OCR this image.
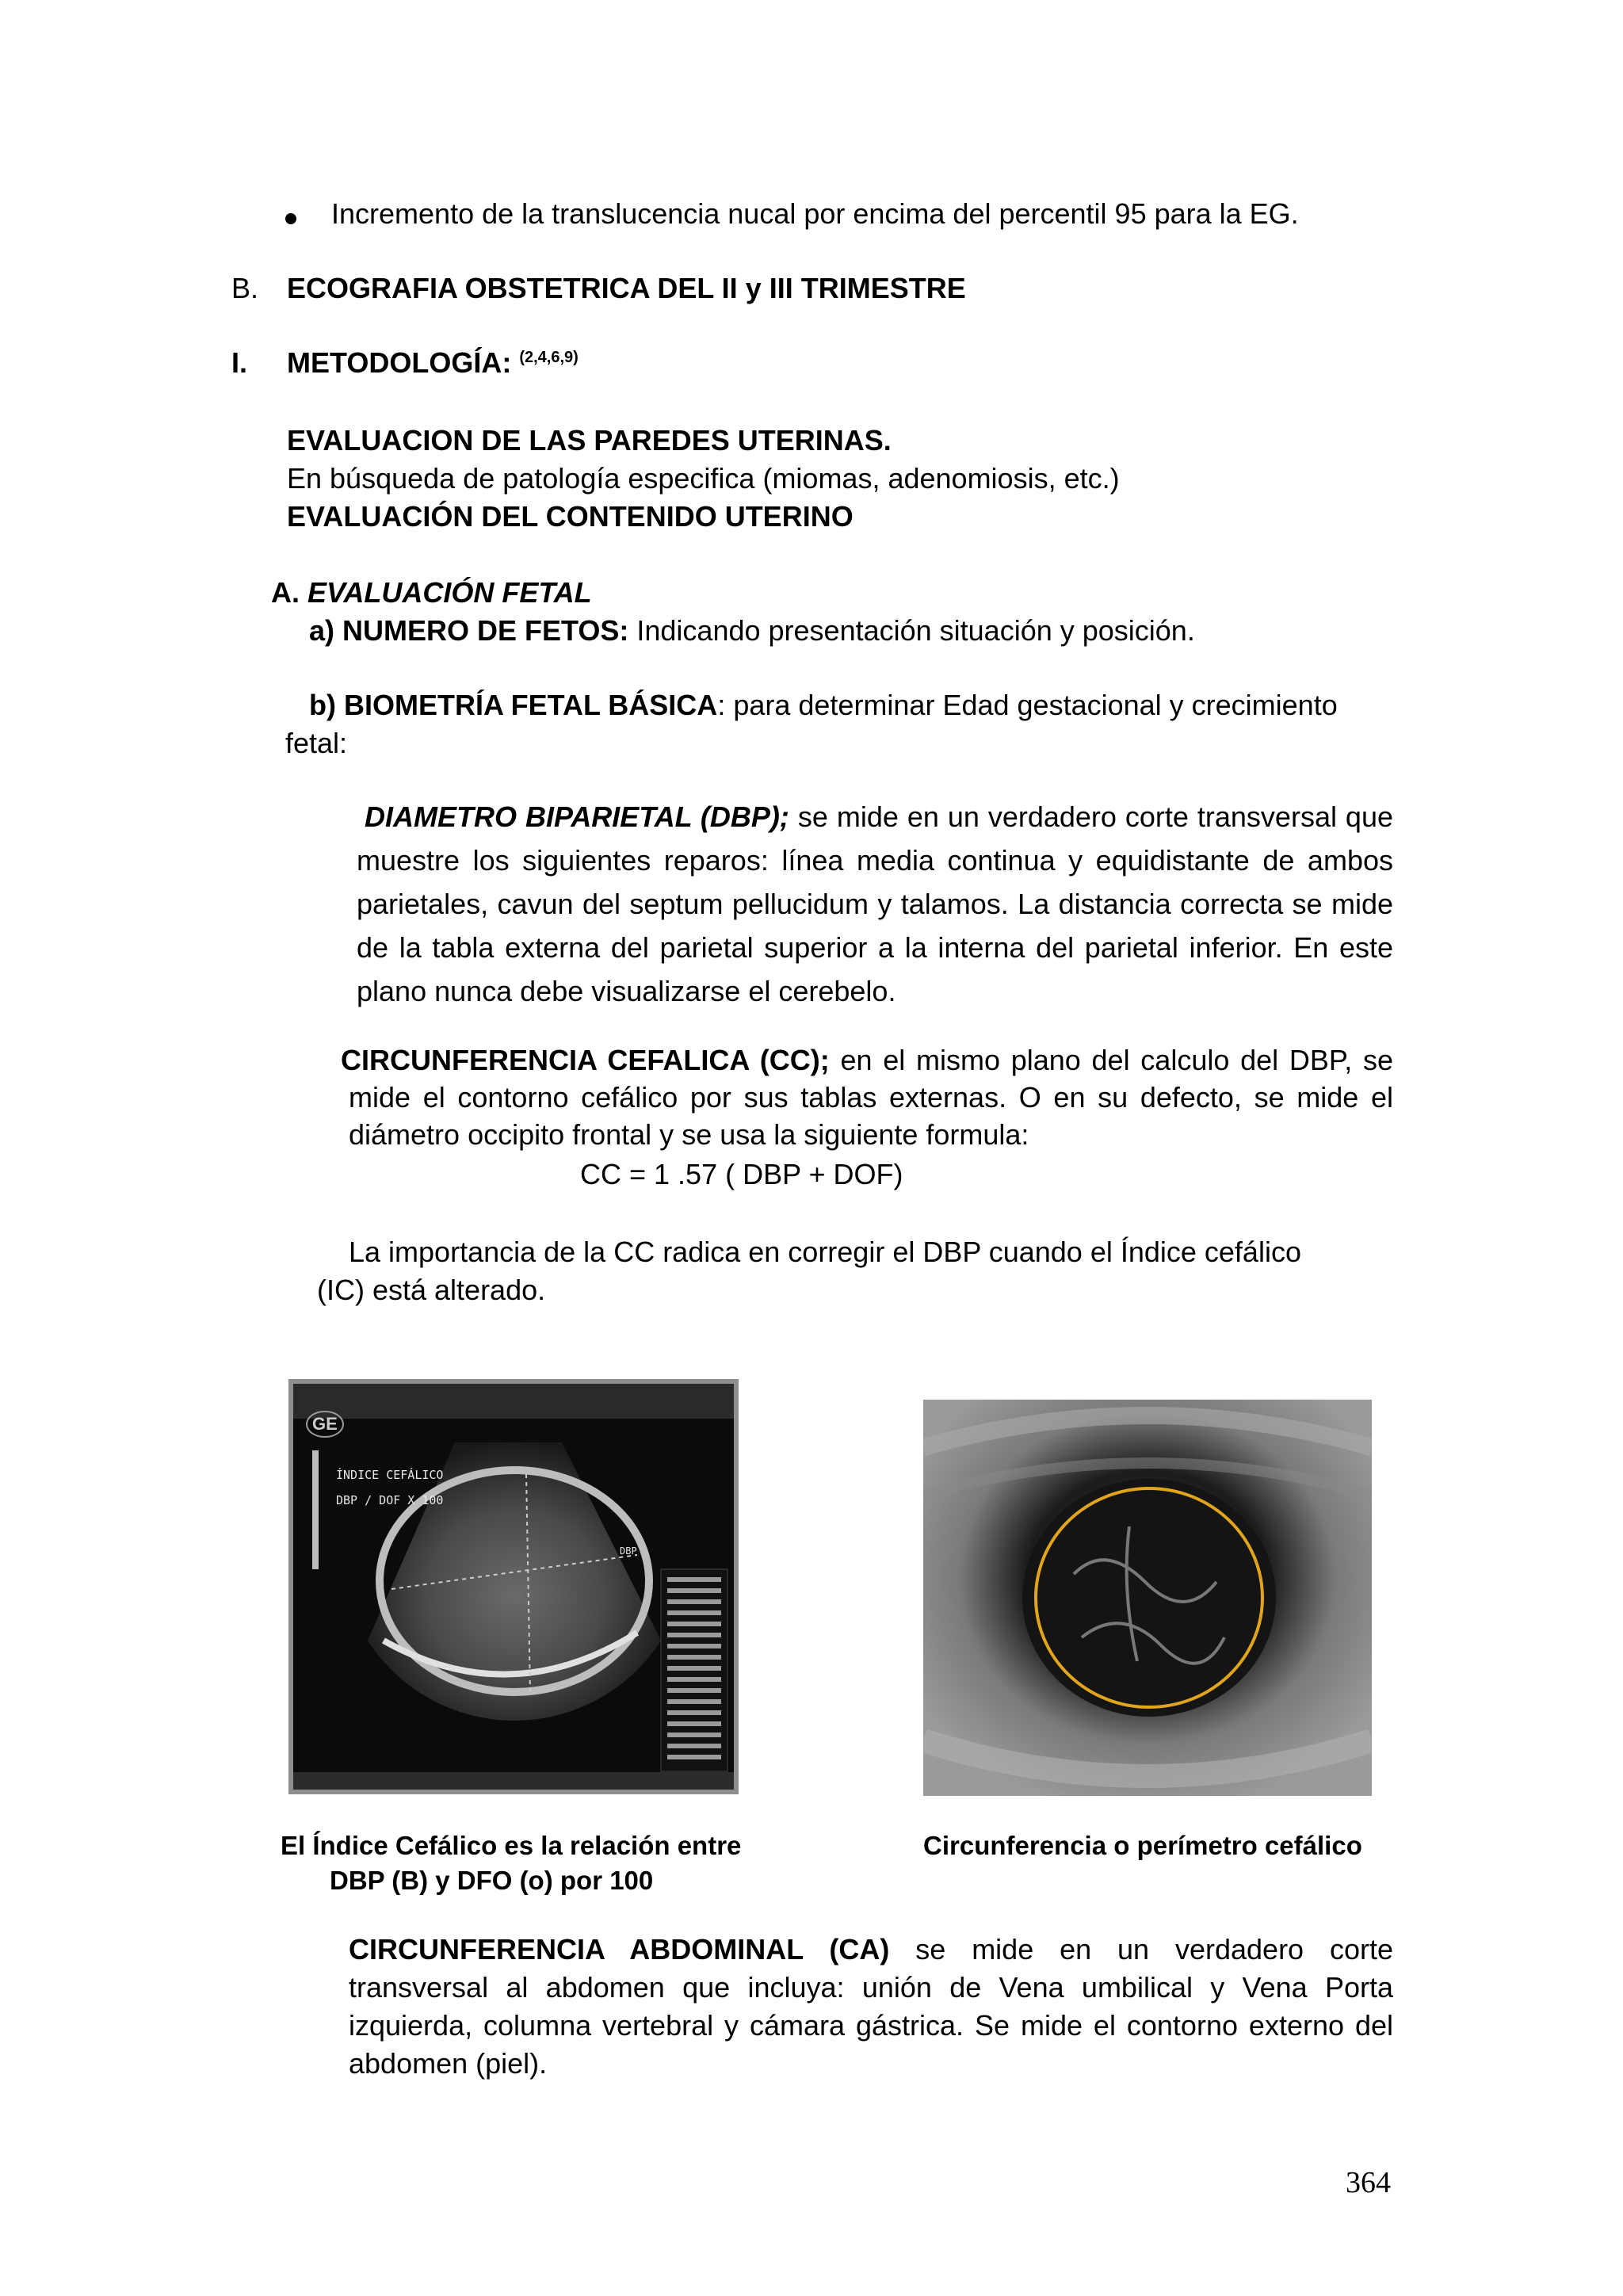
Incremento de la translucencia nucal por encima del percentil 95 para la EG.
B. ECOGRAFIA OBSTETRICA DEL II y III TRIMESTRE
I. METODOLOGÍA: $^{(2,4,6,9)}$
EVALUACION DE LAS PAREDES UTERINAS.
En búsqueda de patología especifica (miomas, adenomiosis, etc.)
EVALUACIÓN DEL CONTENIDO UTERINO
A. EVALUACIÓN FETAL
a) NUMERO DE FETOS: Indicando presentación situación y posición.
b) BIOMETRÍA FETAL BÁSICA: para determinar Edad gestacional y crecimiento
fetal:
DIAMETRO BIPARIETAL (DBP); se mide en un verdadero corte transversal que muestre los siguientes reparos: línea media continua y equidistante de ambos parietales, cavun del septum pellucidum y talamos. La distancia correcta se mide de la tabla externa del parietal superior a la interna del parietal inferior. En este plano nunca debe visualizarse el cerebelo.
CIRCUNFERENCIA CEFALICA (CC); en el mismo plano del calculo del DBP, se mide el contorno cefálico por sus tablas externas. O en su defecto, se mide el diámetro occipito frontal y se usa la siguiente formula:
CC = 1 .57 ( DBP + DOF)
La importancia de la CC radica en corregir el DBP cuando el Índice cefálico
(IC) está alterado.
GE
ÍNDICE CEFÁLICO
DBP / DOF X 100
DBP
El Índice Cefálico es la relación entre
DBP (B) y DFO (o) por 100
Circunferencia o perímetro cefálico
CIRCUNFERENCIA ABDOMINAL (CA) se mide en un verdadero corte transversal al abdomen que incluya: unión de Vena umbilical y Vena Porta izquierda, columna vertebral y cámara gástrica. Se mide el contorno externo del abdomen (piel).
364
